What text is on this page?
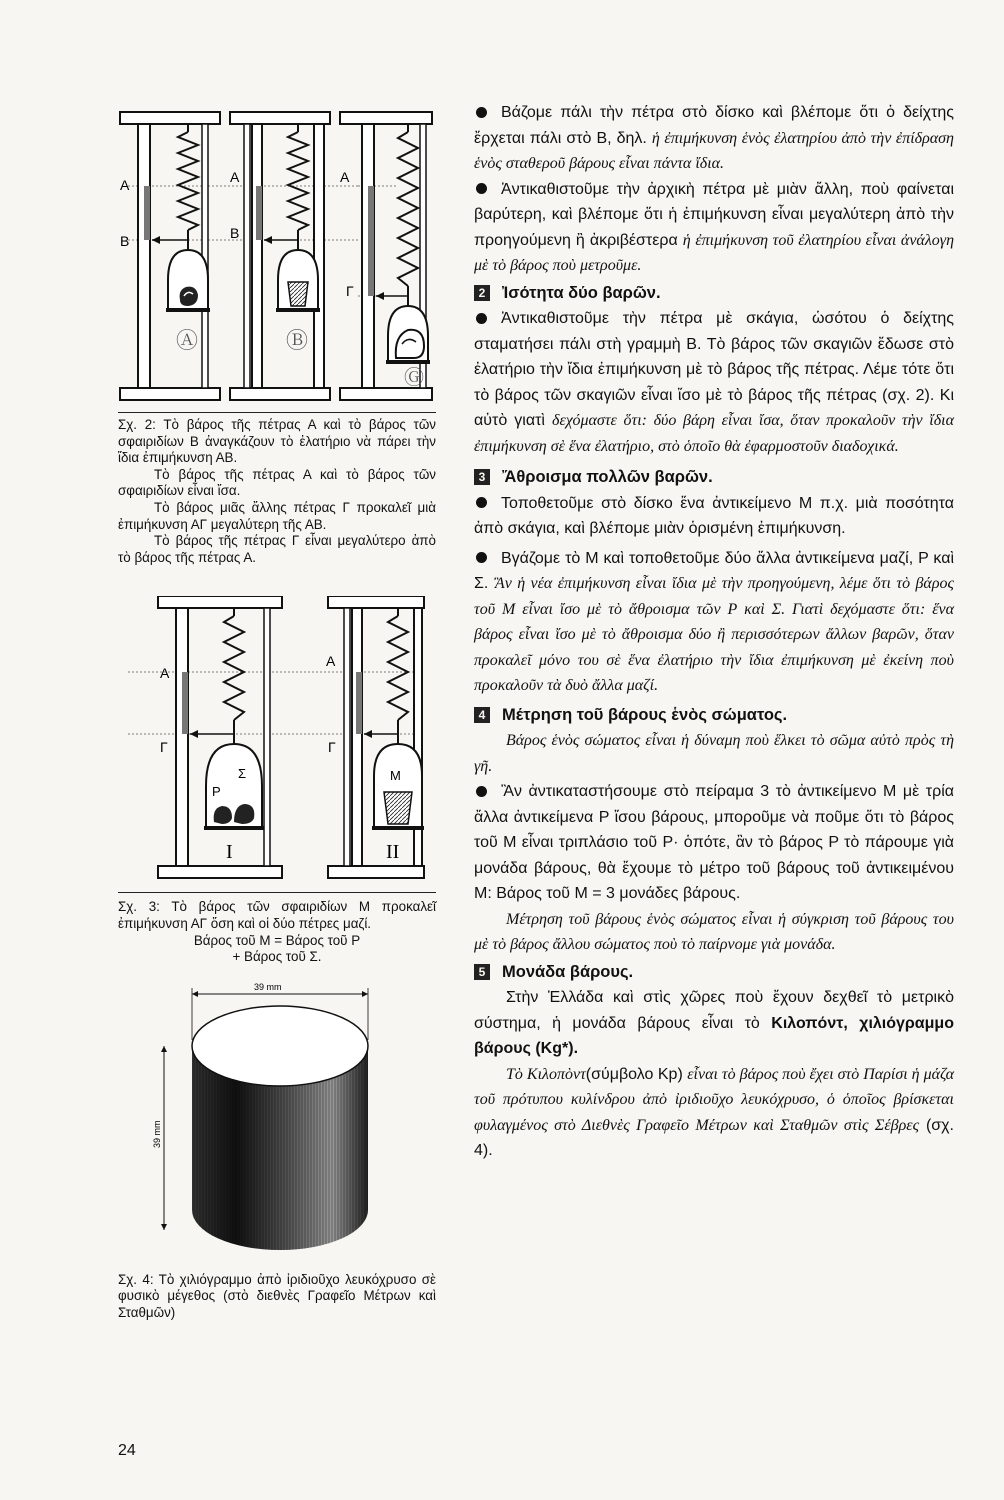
A
B
A
B
A
Γ
Ⓐ	Ⓑ
Ⓖ

Σχ. 2: Τὸ βάρος τῆς πέτρας Α καὶ τὸ βάρος τῶν σφαιριδίων Β ἀναγκάζουν τὸ ἐλατήριο νὰ πάρει τὴν ἴδια ἐπιμήκυνση ΑΒ.

Τὸ βάρος τῆς πέτρας Α καὶ τὸ βάρος τῶν σφαιριδίων εἶναι ἴσα.

Τὸ βάρος μιᾶς ἄλλης πέτρας Γ προκαλεῖ μιὰ ἐπιμήκυνση ΑΓ μεγαλύτερη τῆς ΑΒ.

Τὸ βάρος τῆς πέτρας Γ εἶναι μεγαλύτερο ἀπὸ τὸ βάρος τῆς πέτρας Α.

A
Γ
A
Γ
P
Σ	M
I	II

Σχ. 3: Τὸ βάρος τῶν σφαιριδίων Μ προκαλεῖ ἐπιμήκυνση ΑΓ ὅση καὶ οἱ δύο πέτρες μαζί.

Βάρος τοῦ Μ = Βάρος τοῦ Ρ

+ Βάρος τοῦ Σ.

39 mm
39 mm

Σχ. 4: Τὸ χιλιόγραμμο ἀπὸ ἰριδιοῦχο λευκόχρυσο σὲ φυσικὸ μέγεθος (στὸ διεθνὲς Γραφεῖο Μέτρων καὶ Σταθμῶν)

Βάζομε πάλι τὴν πέτρα στὸ δίσκο καὶ βλέπομε ὅτι ὁ δείχτης ἔρχεται πάλι στὸ Β, δηλ. ἡ ἐπιμήκυνση ἑνὸς ἐλατηρίου ἀπὸ τὴν ἐπίδραση ἑνὸς σταθεροῦ βάρους εἶναι πάντα ἴδια.

Ἀντικαθιστοῦμε τὴν ἀρχικὴ πέτρα μὲ μιὰν ἄλλη, ποὺ φαίνεται βαρύτερη, καὶ βλέπομε ὅτι ἡ ἐπιμήκυνση εἶναι μεγαλύτερη ἀπὸ τὴν προηγούμενη ἢ ἀκριβέστερα ἡ ἐπιμήκυνση τοῦ ἐλατηρίου εἶναι ἀνάλογη μὲ τὸ βάρος ποὺ μετροῦμε.

2 Ἰσότητα δύο βαρῶν.

Ἀντικαθιστοῦμε τὴν πέτρα μὲ σκάγια, ὡσότου ὁ δείχτης σταματήσει πάλι στὴ γραμμὴ Β. Τὸ βάρος τῶν σκαγιῶν ἔδωσε στὸ ἐλατήριο τὴν ἴδια ἐπιμήκυνση μὲ τὸ βάρος τῆς πέτρας. Λέμε τότε ὅτι τὸ βάρος τῶν σκαγιῶν εἶναι ἴσο μὲ τὸ βάρος τῆς πέτρας (σχ. 2). Κι αὐτὸ γιατὶ δεχόμαστε ὅτι: δύο βάρη εἶναι ἴσα, ὅταν προκαλοῦν τὴν ἴδια ἐπιμήκυνση σὲ ἕνα ἐλατήριο, στὸ ὁποῖο θὰ ἐφαρμοστοῦν διαδοχικά.

3 Ἄθροισμα πολλῶν βαρῶν.

Τοποθετοῦμε στὸ δίσκο ἕνα ἀντικείμενο Μ π.χ. μιὰ ποσότητα ἀπὸ σκάγια, καὶ βλέπομε μιὰν ὁρισμένη ἐπιμήκυνση.

Βγάζομε τὸ Μ καὶ τοποθετοῦμε δύο ἄλλα ἀντικείμενα μαζί, Ρ καὶ Σ. Ἂν ἡ νέα ἐπιμήκυνση εἶναι ἴδια μὲ τὴν προηγούμενη, λέμε ὅτι τὸ βάρος τοῦ Μ εἶναι ἴσο μὲ τὸ ἄθροισμα τῶν Ρ καὶ Σ. Γιατὶ δεχόμαστε ὅτι: ἕνα βάρος εἶναι ἴσο μὲ τὸ ἄθροισμα δύο ἢ περισσότερων ἄλλων βαρῶν, ὅταν προκαλεῖ μόνο του σὲ ἕνα ἐλατήριο τὴν ἴδια ἐπιμήκυνση μὲ ἐκείνη ποὺ προκαλοῦν τὰ δυὸ ἄλλα μαζί.

4 Μέτρηση τοῦ βάρους ἑνὸς σώματος.

Βάρος ἑνὸς σώματος εἶναι ἡ δύναμη ποὺ ἕλκει τὸ σῶμα αὐτὸ πρὸς τὴ γῆ.

Ἂν ἀντικαταστήσουμε στὸ πείραμα 3 τὸ ἀντικείμενο Μ μὲ τρία ἄλλα ἀντικείμενα Ρ ἴσου βάρους, μποροῦμε νὰ ποῦμε ὅτι τὸ βάρος τοῦ Μ εἶναι τριπλάσιο τοῦ Ρ· ὁπότε, ἂν τὸ βάρος Ρ τὸ πάρουμε γιὰ μονάδα βάρους, θὰ ἔχουμε τὸ μέτρο τοῦ βάρους τοῦ ἀντικειμένου Μ: Βάρος τοῦ Μ = 3 μονάδες βάρους.

Μέτρηση τοῦ βάρους ἑνὸς σώματος εἶναι ἡ σύγκριση τοῦ βάρους του μὲ τὸ βάρος ἄλλου σώματος ποὺ τὸ παίρνομε γιὰ μονάδα.

5 Μονάδα βάρους.

Στὴν Ἑλλάδα καὶ στὶς χῶρες ποὺ ἔχουν δεχθεῖ τὸ μετρικὸ σύστημα, ἡ μονάδα βάρους εἶναι τὸ Κιλοπόντ, χιλιόγραμμο βάρους (Kg*).

Τὸ Κιλοπὸντ(σύμβολο Kp) εἶναι τὸ βάρος ποὺ ἔχει στὸ Παρίσι ἡ μάζα τοῦ πρότυπου κυλίνδρου ἀπὸ ἰριδιοῦχο λευκόχρυσο, ὁ ὁποῖος βρίσκεται φυλαγμένος στὸ Διεθνὲς Γραφεῖο Μέτρων καὶ Σταθμῶν στὶς Σέβρες (σχ. 4).

24
